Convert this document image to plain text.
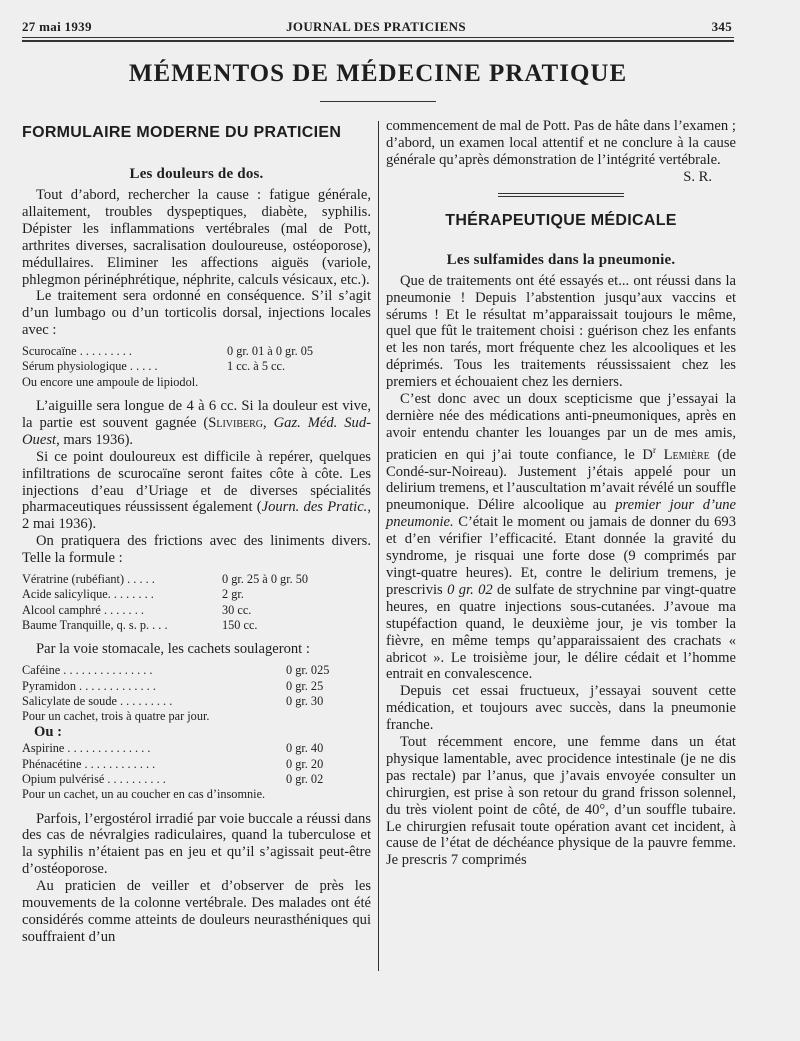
27 mai 1939	JOURNAL DES PRATICIENS	345
MÉMENTOS DE MÉDECINE PRATIQUE
FORMULAIRE MODERNE DU PRATICIEN
Les douleurs de dos.

Tout d’abord, rechercher la cause : fatigue générale, allaitement, troubles dyspeptiques, diabète, syphilis. Dépister les inflammations vertébrales (mal de Pott, arthrites diverses, sacralisation douloureuse, ostéoporose), médullaires. Eliminer les affections aiguës (variole, phlegmon périnéphrétique, néphrite, calculs vésicaux, etc.).

Le traitement sera ordonné en conséquence. S’il s’agit d’un lumbago ou d’un torticolis dorsal, injections locales avec :

Scurocaïne . . . . . . . . .	0 gr. 01 à 0 gr. 05
Sérum physiologique . . . . .	1 cc. à 5 cc.
Ou encore une ampoule de lipiodol.

L’aiguille sera longue de 4 à 6 cc. Si la douleur est vive, la partie est souvent gagnée (Sliviberg, Gaz. Méd. Sud-Ouest, mars 1936).

Si ce point douloureux est difficile à repérer, quelques infiltrations de scurocaïne seront faites côte à côte. Les injections d’eau d’Uriage et de diverses spécialités pharmaceutiques réussissent également (Journ. des Pratic., 2 mai 1936).

On pratiquera des frictions avec des liniments divers. Telle la formule :

Vératrine (rubéfiant) . . . . .	0 gr. 25 à 0 gr. 50
Acide salicylique. . . . . . . .	2 gr.
Alcool camphré . . . . . . .	30 cc.
Baume Tranquille, q. s. p. . . .	150 cc.

Par la voie stomacale, les cachets soulageront :

Caféine . . . . . . . . . . . . . . .	0 gr. 025
Pyramidon . . . . . . . . . . . . .	0 gr. 25
Salicylate de soude . . . . . . . . .	0 gr. 30
Pour un cachet, trois à quatre par jour.

Ou :

Aspirine . . . . . . . . . . . . . .	0 gr. 40
Phénacétine . . . . . . . . . . . .	0 gr. 20
Opium pulvérisé . . . . . . . . . .	0 gr. 02
Pour un cachet, un au coucher en cas d’insomnie.

Parfois, l’ergostérol irradié par voie buccale a réussi dans des cas de névralgies radiculaires, quand la tuberculose et la syphilis n’étaient pas en jeu et qu’il s’agissait peut-être d’ostéoporose.

Au praticien de veiller et d’observer de près les mouvements de la colonne vertébrale. Des malades ont été considérés comme atteints de douleurs neurasthéniques qui souffraient d’un

commencement de mal de Pott. Pas de hâte dans l’examen ; d’abord, un examen local attentif et ne conclure à la cause générale qu’après démonstration de l’intégrité vertébrale.

S. R.

THÉRAPEUTIQUE MÉDICALE
Les sulfamides dans la pneumonie.

Que de traitements ont été essayés et... ont réussi dans la pneumonie ! Depuis l’abstention jusqu’aux vaccins et sérums ! Et le résultat m’apparaissait toujours le même, quel que fût le traitement choisi : guérison chez les enfants et les non tarés, mort fréquente chez les alcooliques et les déprimés. Tous les traitements réussissaient chez les premiers et échouaient chez les derniers.

C’est donc avec un doux scepticisme que j’essayai la dernière née des médications anti-pneumoniques, après en avoir entendu chanter les louanges par un de mes amis, praticien en qui j’ai toute confiance, le $D^r$ Lemière (de Condé-sur-Noireau). Justement j’étais appelé pour un delirium tremens, et l’auscultation m’avait révélé un souffle pneumonique. Délire alcoolique au premier jour d’une pneumonie. C’était le moment ou jamais de donner du 693 et d’en vérifier l’efficacité. Etant donnée la gravité du syndrome, je risquai une forte dose (9 comprimés par vingt-quatre heures). Et, contre le delirium tremens, je prescrivis 0 gr. 02 de sulfate de strychnine par vingt-quatre heures, en quatre injections sous-cutanées. J’avoue ma stupéfaction quand, le deuxième jour, je vis tomber la fièvre, en même temps qu’apparaissaient des crachats « abricot ». Le troisième jour, le délire cédait et l’homme entrait en convalescence.

Depuis cet essai fructueux, j’essayai souvent cette médication, et toujours avec succès, dans la pneumonie franche.

Tout récemment encore, une femme dans un état physique lamentable, avec procidence intestinale (je ne dis pas rectale) par l’anus, que j’avais envoyée consulter un chirurgien, est prise à son retour du grand frisson solennel, du très violent point de côté, de 40°, d’un souffle tubaire. Le chirurgien refusait toute opération avant cet incident, à cause de l’état de déchéance physique de la pauvre femme. Je prescris 7 comprimés
